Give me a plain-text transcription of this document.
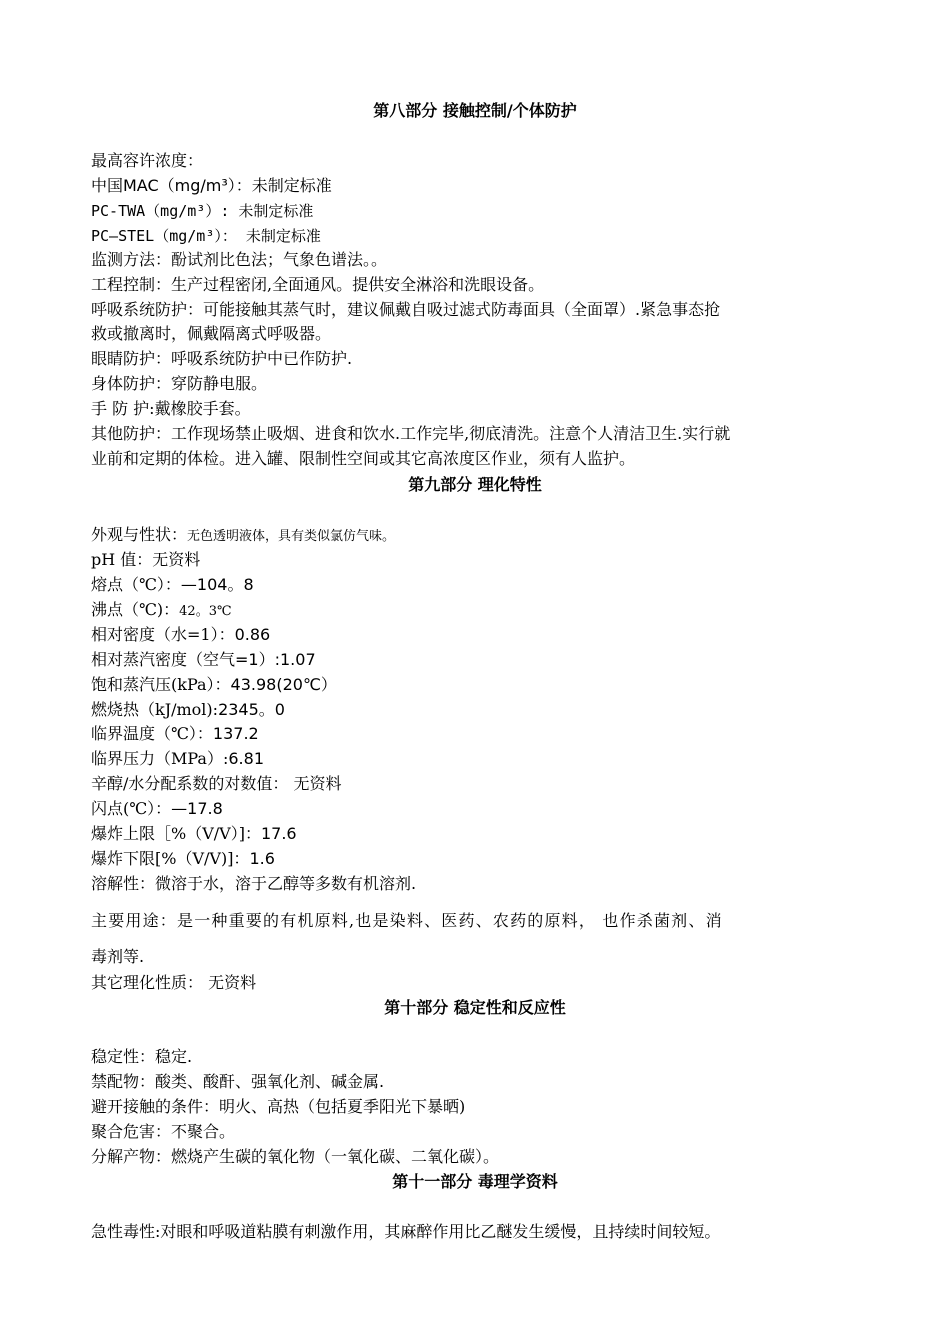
第八部分 接触控制/个体防护
最高容许浓度：
中国MAC（mg/m³）：未制定标准
PC-TWA（mg/m³）: 未制定标准
PC—STEL（mg/m³）： 未制定标准
监测方法：酚试剂比色法；气象色谱法。。
工程控制：生产过程密闭,全面通风。提供安全淋浴和洗眼设备。
呼吸系统防护：可能接触其蒸气时，建议佩戴自吸过滤式防毒面具（全面罩）.紧急事态抢
救或撤离时，佩戴隔离式呼吸器。
眼睛防护：呼吸系统防护中已作防护.
身体防护：穿防静电服。
手 防 护:戴橡胶手套。
其他防护：工作现场禁止吸烟、进食和饮水.工作完毕,彻底清洗。注意个人清洁卫生.实行就
业前和定期的体检。进入罐、限制性空间或其它高浓度区作业，须有人监护。
第九部分 理化特性
外观与性状：无色透明液体，具有类似氯仿气味。
pH 值：无资料
熔点（℃）：—104。8
沸点（℃)：42。3℃
相对密度（水=1）：0.86
相对蒸汽密度（空气=1）:1.07
饱和蒸汽压(kPa）：43.98(20℃）
燃烧热（kJ/mol):2345。0
临界温度（℃）：137.2
临界压力（MPa）:6.81
辛醇/水分配系数的对数值： 无资料
闪点(℃）：—17.8
爆炸上限［%（V/V）]：17.6
爆炸下限[%（V/V)]：1.6
溶解性：微溶于水，溶于乙醇等多数有机溶剂.
主要用途：是一种重要的有机原料,也是染料、医药、农药的原料， 也作杀菌剂、消
毒剂等.
其它理化性质： 无资料
第十部分 稳定性和反应性
稳定性：稳定.
禁配物：酸类、酸酐、强氧化剂、碱金属.
避开接触的条件：明火、高热（包括夏季阳光下暴晒)
聚合危害：不聚合。
分解产物：燃烧产生碳的氧化物（一氧化碳、二氧化碳）。
第十一部分 毒理学资料
急性毒性:对眼和呼吸道粘膜有刺激作用，其麻醉作用比乙醚发生缓慢，且持续时间较短。
